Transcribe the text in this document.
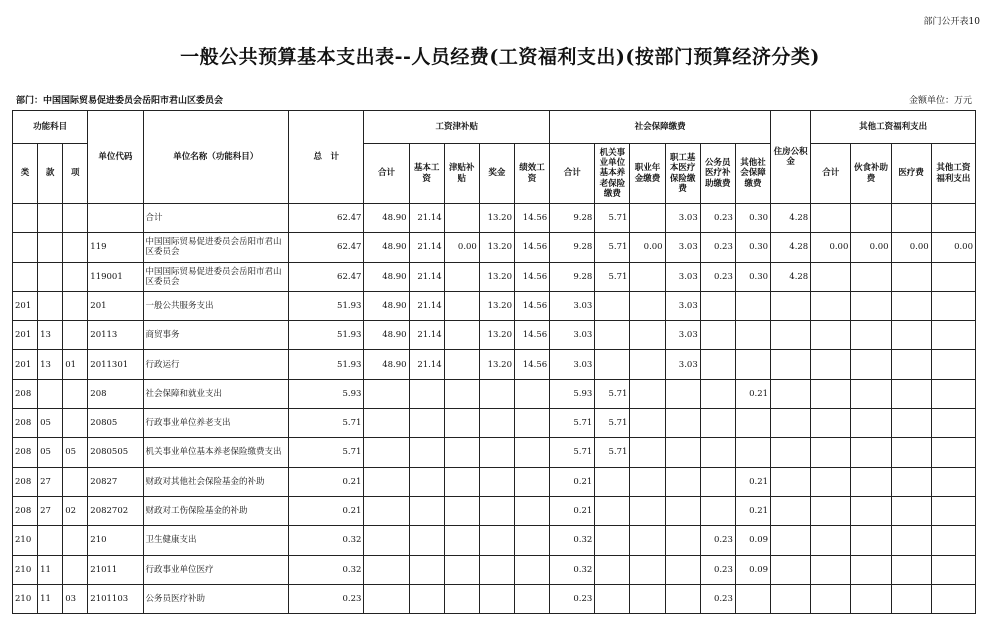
部门公开表10
一般公共预算基本支出表--人员经费(工资福利支出)(按部门预算经济分类)
部门：中国国际贸易促进委员会岳阳市君山区委员会	金额单位：万元
功能科目			单位代码	单位名称（功能科目）	总　计	工资津补贴					社会保障缴费						住房公积金	其他工资福利支出			
类	款	项				合计	基本工资	津贴补贴	奖金	绩效工资	合计	机关事业单位基本养老保险缴费	职业年金缴费	职工基本医疗保险缴费	公务员医疗补助缴费	其他社会保障缴费		合计	伙食补助费	医疗费	其他工资福利支出
				合计	62.47	48.90	21.14		13.20	14.56	9.28	5.71		3.03	0.23	0.30	4.28				
			119	中国国际贸易促进委员会岳阳市君山区委员会	62.47	48.90	21.14	0.00	13.20	14.56	9.28	5.71	0.00	3.03	0.23	0.30	4.28	0.00	0.00	0.00	0.00
			119001	中国国际贸易促进委员会岳阳市君山区委员会	62.47	48.90	21.14		13.20	14.56	9.28	5.71		3.03	0.23	0.30	4.28				
201			201	一般公共服务支出	51.93	48.90	21.14		13.20	14.56	3.03			3.03							
201	13		20113	商贸事务	51.93	48.90	21.14		13.20	14.56	3.03			3.03							
201	13	01	2011301	行政运行	51.93	48.90	21.14		13.20	14.56	3.03			3.03							
208			208	社会保障和就业支出	5.93						5.93	5.71				0.21					
208	05		20805	行政事业单位养老支出	5.71						5.71	5.71									
208	05	05	2080505	机关事业单位基本养老保险缴费支出	5.71						5.71	5.71									
208	27		20827	财政对其他社会保险基金的补助	0.21						0.21					0.21					
208	27	02	2082702	财政对工伤保险基金的补助	0.21						0.21					0.21					
210			210	卫生健康支出	0.32						0.32				0.23	0.09					
210	11		21011	行政事业单位医疗	0.32						0.32				0.23	0.09					
210	11	03	2101103	公务员医疗补助	0.23						0.23				0.23						
